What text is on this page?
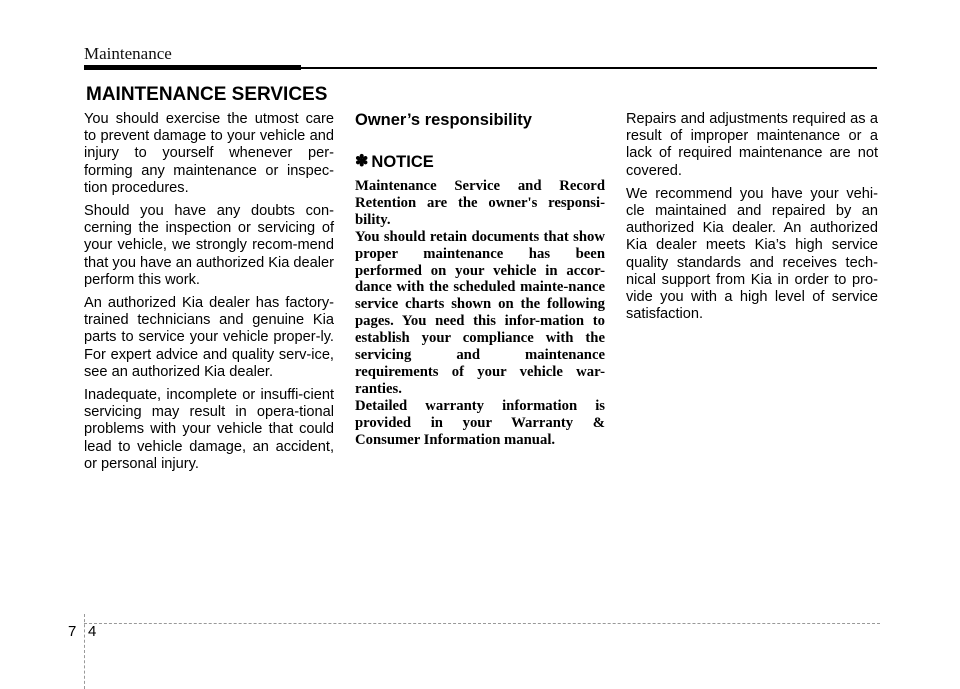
Maintenance
MAINTENANCE SERVICES

You should exercise the utmost care to prevent damage to your vehicle and injury to yourself whenever per-forming any maintenance or inspec-tion procedures.

Should you have any doubts con-cerning the inspection or servicing of your vehicle, we strongly recom-mend that you have an authorized Kia dealer perform this work.

An authorized Kia dealer has factory-trained technicians and genuine Kia parts to service your vehicle proper-ly. For expert advice and quality serv-ice, see an authorized Kia dealer.

Inadequate, incomplete or insuffi-cient servicing may result in opera-tional problems with your vehicle that could lead to vehicle damage, an accident, or personal injury.

Owner’s responsibility
✽ NOTICE

Maintenance Service and Record Retention are the owner's responsi-bility.

You should retain documents that show proper maintenance has been performed on your vehicle in accor-dance with the scheduled mainte-nance service charts shown on the following pages. You need this infor-mation to establish your compliance with the servicing and maintenance requirements of your vehicle war-ranties.

Detailed warranty information is provided in your Warranty & Consumer Information manual.

Repairs and adjustments required as a result of improper maintenance or a lack of required maintenance are not covered.

We recommend you have your vehi-cle maintained and repaired by an authorized Kia dealer. An authorized Kia dealer meets Kia’s high service quality standards and receives tech-nical support from Kia in order to pro-vide you with a high level of service satisfaction.

7 4
